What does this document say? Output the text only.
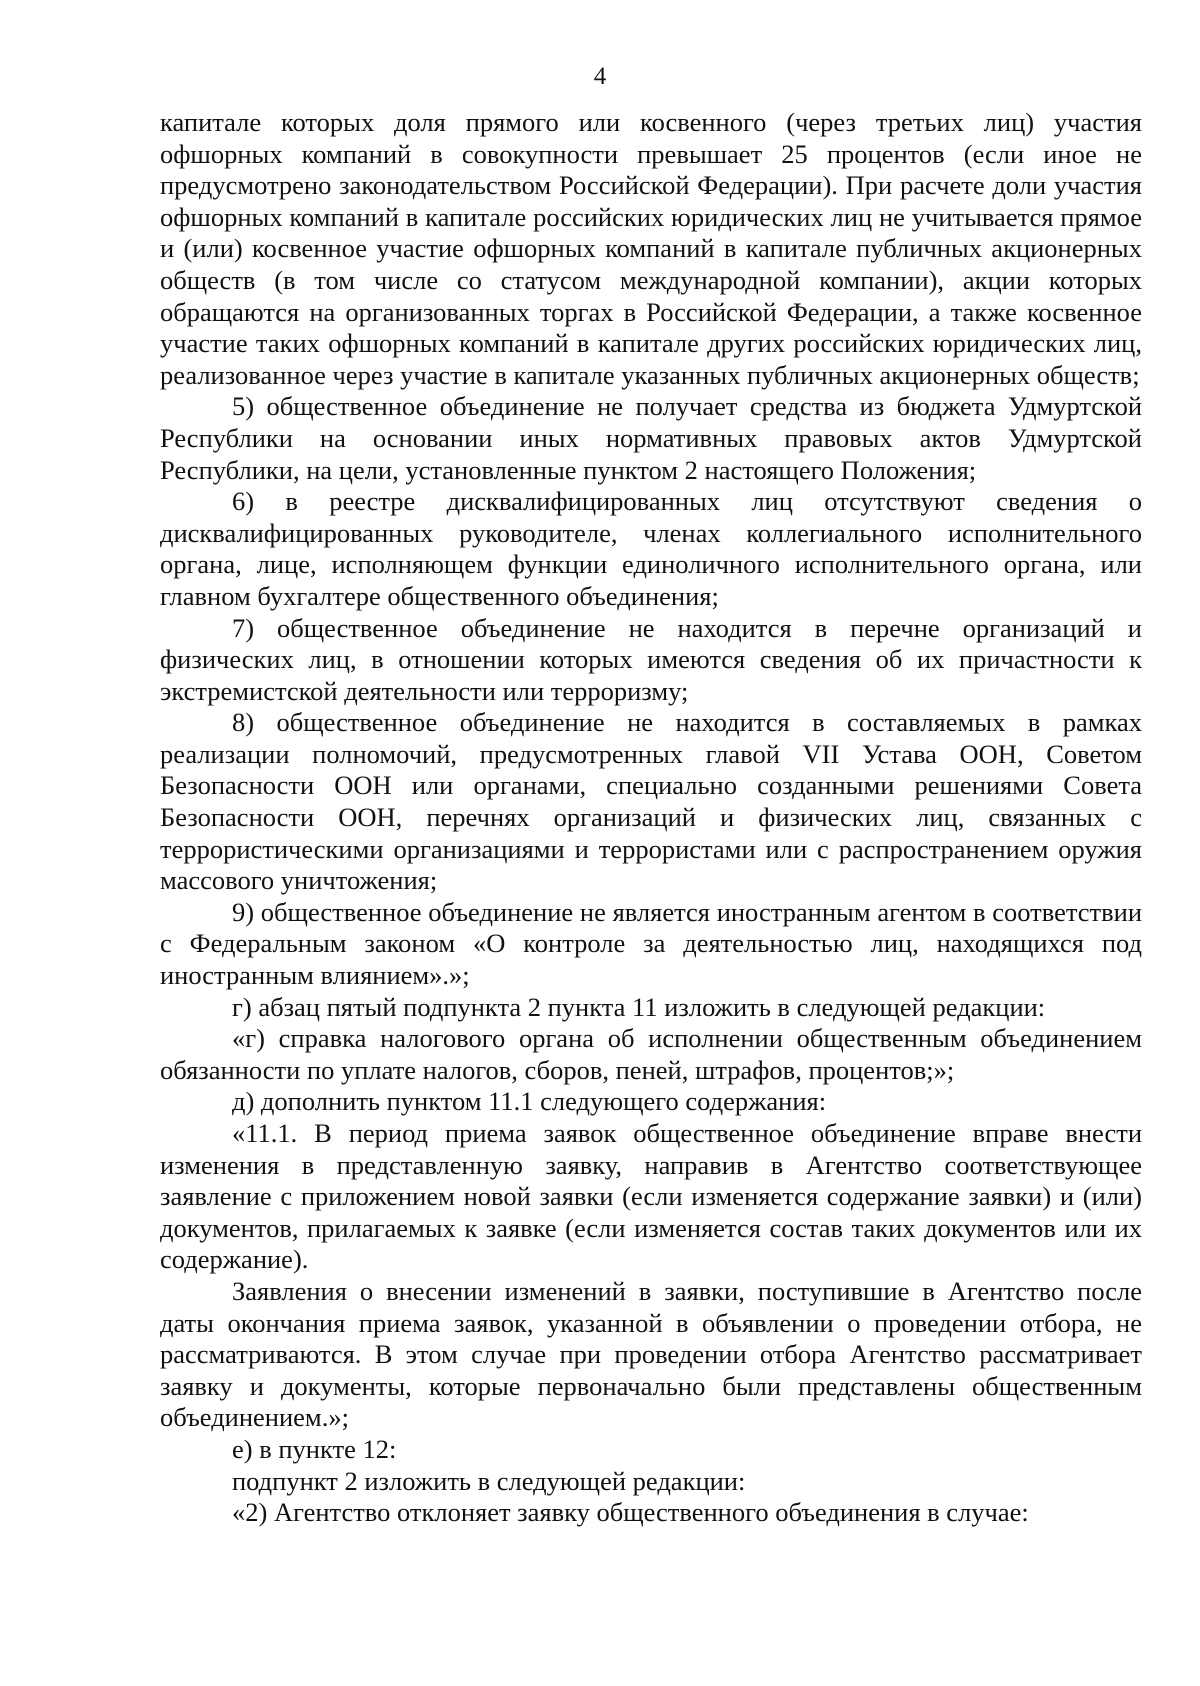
4

капитале которых доля прямого или косвенного (через третьих лиц) участия офшорных компаний в совокупности превышает 25 процентов (если иное не предусмотрено законодательством Российской Федерации). При расчете доли участия офшорных компаний в капитале российских юридических лиц не учитывается прямое и (или) косвенное участие офшорных компаний в капитале публичных акционерных обществ (в том числе со статусом международной компании), акции которых обращаются на организованных торгах в Российской Федерации, а также косвенное участие таких офшорных компаний в капитале других российских юридических лиц, реализованное через участие в капитале указанных публичных акционерных обществ;

5) общественное объединение не получает средства из бюджета Удмуртской Республики на основании иных нормативных правовых актов Удмуртской Республики, на цели, установленные пунктом 2 настоящего Положения;

6) в реестре дисквалифицированных лиц отсутствуют сведения о дисквалифицированных руководителе, членах коллегиального исполнительного органа, лице, исполняющем функции единоличного исполнительного органа, или главном бухгалтере общественного объединения;

7) общественное объединение не находится в перечне организаций и физических лиц, в отношении которых имеются сведения об их причастности к экстремистской деятельности или терроризму;

8) общественное объединение не находится в составляемых в рамках реализации полномочий, предусмотренных главой VII Устава ООН, Советом Безопасности ООН или органами, специально созданными решениями Совета Безопасности ООН, перечнях организаций и физических лиц, связанных с террористическими организациями и террористами или с распространением оружия массового уничтожения;

9) общественное объединение не является иностранным агентом в соответствии с Федеральным законом «О контроле за деятельностью лиц, находящихся под иностранным влиянием».»;

г) абзац пятый подпункта 2 пункта 11 изложить в следующей редакции:

«г) справка налогового органа об исполнении общественным объединением обязанности по уплате налогов, сборов, пеней, штрафов, процентов;»;

д) дополнить пунктом 11.1 следующего содержания:

«11.1. В период приема заявок общественное объединение вправе внести изменения в представленную заявку, направив в Агентство соответствующее заявление с приложением новой заявки (если изменяется содержание заявки) и (или) документов, прилагаемых к заявке (если изменяется состав таких документов или их содержание).

Заявления о внесении изменений в заявки, поступившие в Агентство после даты окончания приема заявок, указанной в объявлении о проведении отбора, не рассматриваются. В этом случае при проведении отбора Агентство рассматривает заявку и документы, которые первоначально были представлены общественным объединением.»;

е) в пункте 12:

подпункт 2 изложить в следующей редакции:

«2) Агентство отклоняет заявку общественного объединения в случае:
